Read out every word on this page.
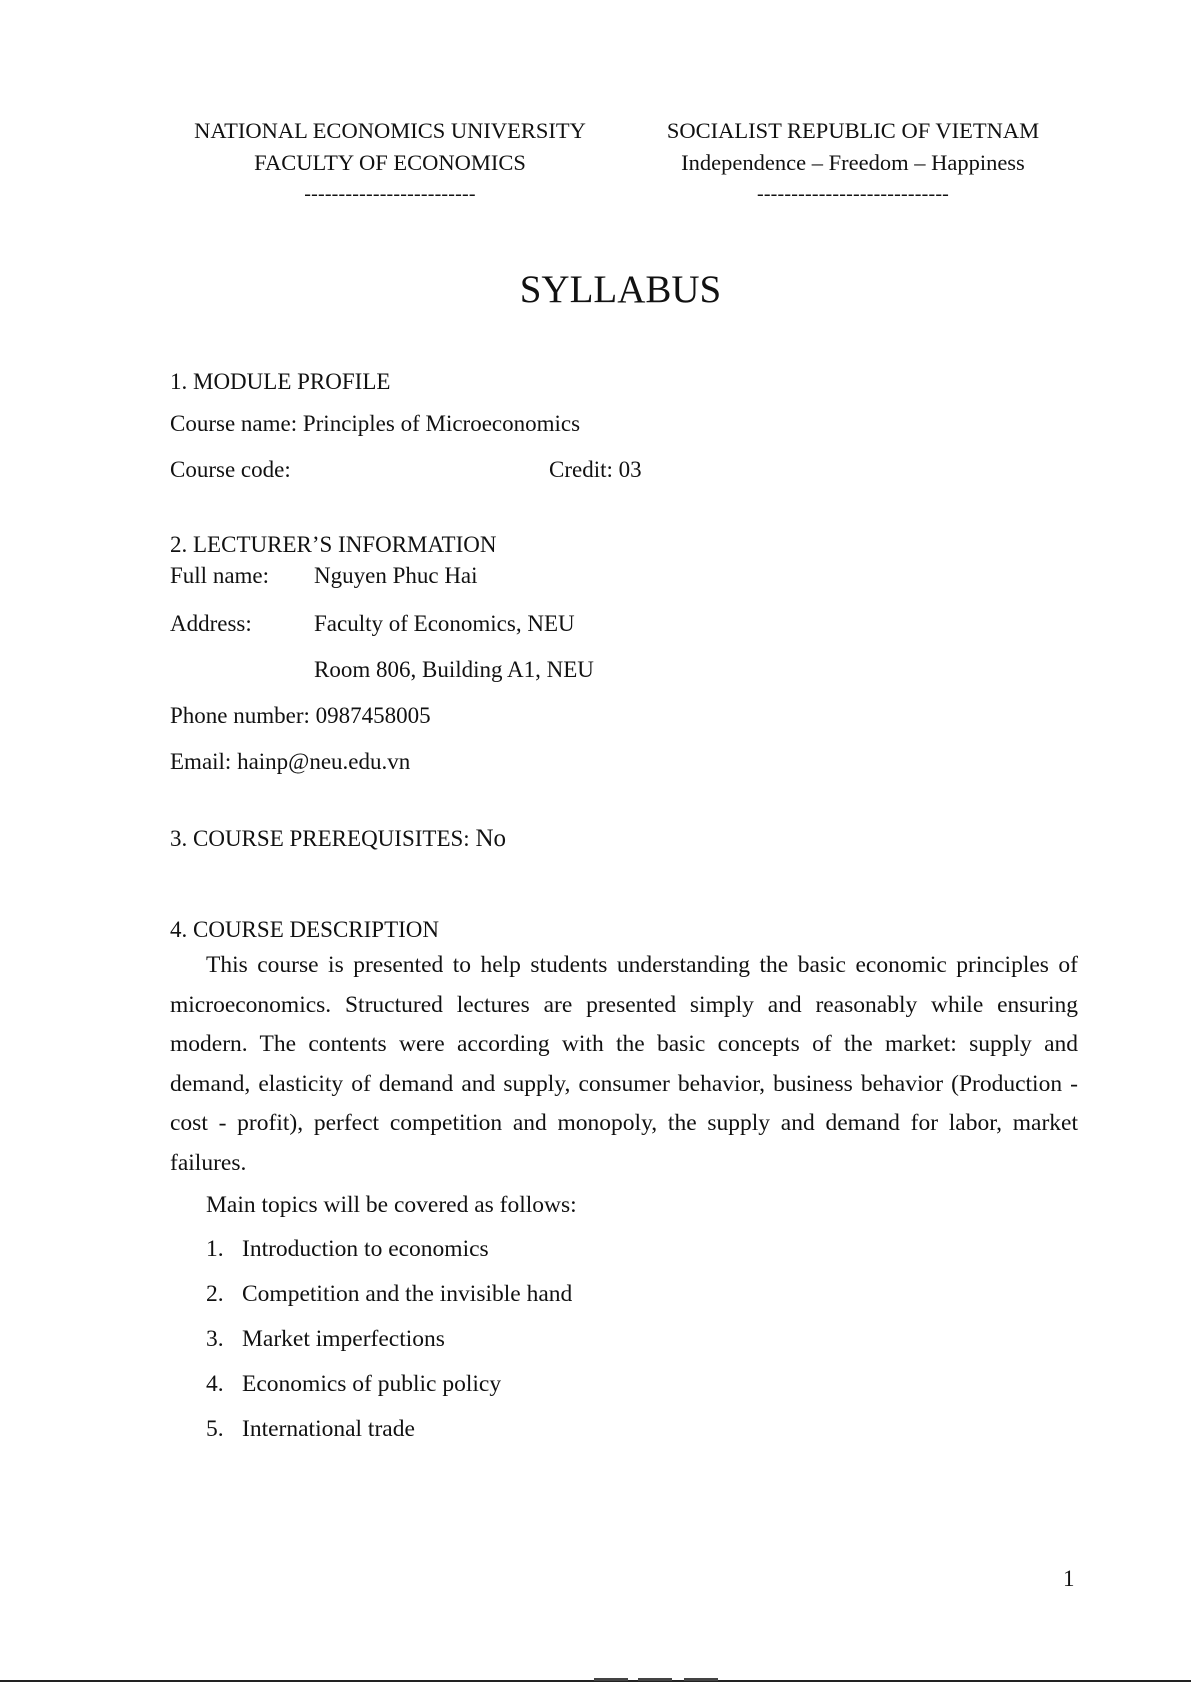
NATIONAL ECONOMICS UNIVERSITY
FACULTY OF ECONOMICS
-------------------------
SOCIALIST REPUBLIC OF VIETNAM
Independence – Freedom – Happiness
----------------------------
SYLLABUS
1. MODULE PROFILE
Course name: Principles of Microeconomics
Course code:	Credit: 03
2. LECTURER’S INFORMATION
Full name: Nguyen Phuc Hai
Address:	Faculty of Economics, NEU
Room 806, Building A1, NEU
Phone number: 0987458005
Email: hainp@neu.edu.vn
3. COURSE PREREQUISITES: No
4. COURSE DESCRIPTION

This course is presented to help students understanding the basic economic principles of microeconomics. Structured lectures are presented simply and reasonably while ensuring modern. The contents were according with the basic concepts of the market: supply and demand, elasticity of demand and supply, consumer behavior, business behavior (Production - cost - profit), perfect competition and monopoly, the supply and demand for labor, market failures.

Main topics will be covered as follows:
1. Introduction to economics
2. Competition and the invisible hand
3. Market imperfections
4. Economics of public policy
5. International trade
1
